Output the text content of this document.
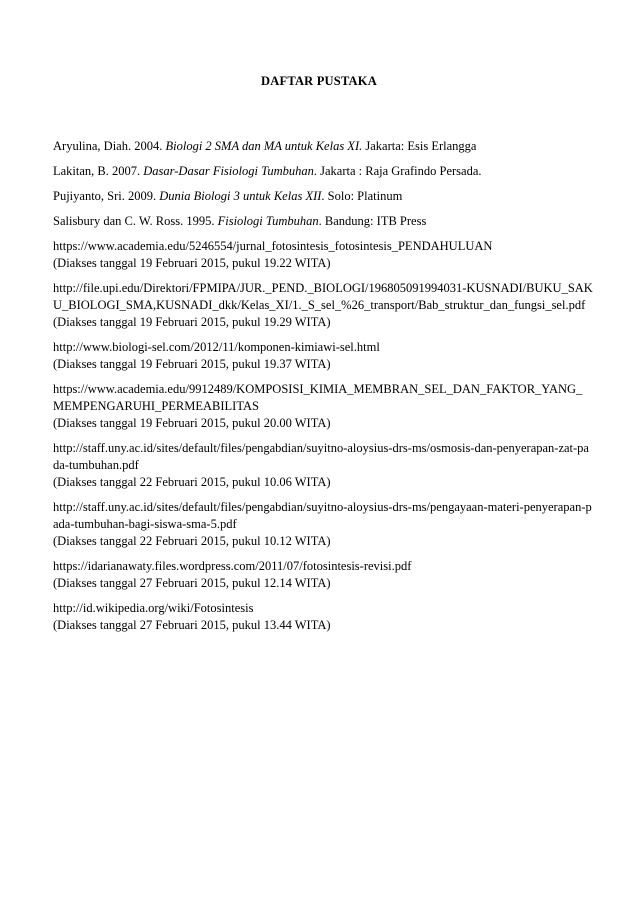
DAFTAR PUSTAKA
Aryulina, Diah. 2004. Biologi 2 SMA dan MA untuk Kelas XI. Jakarta: Esis Erlangga
Lakitan, B. 2007. Dasar-Dasar Fisiologi Tumbuhan. Jakarta : Raja Grafindo Persada.
Pujiyanto, Sri. 2009. Dunia Biologi 3 untuk Kelas XII. Solo: Platinum
Salisbury dan C. W. Ross. 1995. Fisiologi Tumbuhan. Bandung: ITB Press
https://www.academia.edu/5246554/jurnal_fotosintesis_fotosintesis_PENDAHULUAN
(Diakses tanggal 19 Februari 2015, pukul 19.22 WITA)
http://file.upi.edu/Direktori/FPMIPA/JUR._PEND._BIOLOGI/196805091994031-KUSNADI/BUKU_SAKU_BIOLOGI_SMA,KUSNADI_dkk/Kelas_XI/1._S_sel_%26_transport/Bab_struktur_dan_fungsi_sel.pdf
(Diakses tanggal 19 Februari 2015, pukul 19.29 WITA)
http://www.biologi-sel.com/2012/11/komponen-kimiawi-sel.html
(Diakses tanggal 19 Februari 2015, pukul 19.37 WITA)
https://www.academia.edu/9912489/KOMPOSISI_KIMIA_MEMBRAN_SEL_DAN_FAKTOR_YANG_MEMPENGARUHI_PERMEABILITAS
(Diakses tanggal 19 Februari 2015, pukul 20.00 WITA)
http://staff.uny.ac.id/sites/default/files/pengabdian/suyitno-aloysius-drs-ms/osmosis-dan-penyerapan-zat-pada-tumbuhan.pdf
(Diakses tanggal 22 Februari 2015, pukul 10.06 WITA)
http://staff.uny.ac.id/sites/default/files/pengabdian/suyitno-aloysius-drs-ms/pengayaan-materi-penyerapan-pada-tumbuhan-bagi-siswa-sma-5.pdf
(Diakses tanggal 22 Februari 2015, pukul 10.12 WITA)
https://idarianawaty.files.wordpress.com/2011/07/fotosintesis-revisi.pdf
(Diakses tanggal 27 Februari 2015, pukul 12.14 WITA)
http://id.wikipedia.org/wiki/Fotosintesis
(Diakses tanggal 27 Februari 2015, pukul 13.44 WITA)
